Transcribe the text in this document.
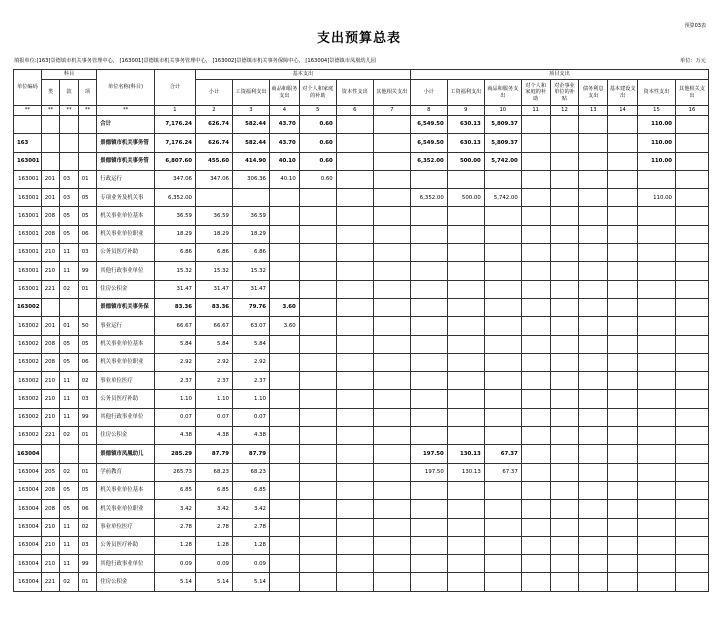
预算03表
支出预算总表
填报单位:[163]景德镇市机关事务管理中心， [163001]景德镇市机关事务管理中心， [163002]景德镇市机关事务保障中心， [163004]景德镇市凤凰幼儿园	单位：万元
单位编码	科目			单位名称(科目)	合计	基本支出						项目支出								
	类	款	项			小计	工资福利支出	商品和服务支出	对个人和家庭的补助	资本性支出	其他相关支出	小计	工资福利支出	商品和服务支出	对个人和家庭的补助	对企事业单位的补贴	债务利息支出	基本建设支出	资本性支出	其他相关支出
**	**	**	**	**	1	2	3	4	5	6	7	8	9	10	11	12	13	14	15	16
				合计	7,176.24	626.74	582.44	43.70	0.60			6,549.50	630.13	5,809.37					110.00	
163				景德镇市机关事务管	7,176.24	626.74	582.44	43.70	0.60			6,549.50	630.13	5,809.37					110.00	
163001				景德镇市机关事务管	6,807.60	455.60	414.90	40.10	0.60			6,352.00	500.00	5,742.00					110.00	
163001	201	03	01	行政运行	347.06	347.06	306.36	40.10	0.60											
163001	201	03	05	专项业务及机关事	6,352.00							6,352.00	500.00	5,742.00					110.00	
163001	208	05	05	机关事业单位基本	36.59	36.59	36.59													
163001	208	05	06	机关事业单位职业	18.29	18.29	18.29													
163001	210	11	03	公务员医疗补助	6.86	6.86	6.86													
163001	210	11	99	其他行政事业单位	15.32	15.32	15.32													
163001	221	02	01	住房公积金	31.47	31.47	31.47													
163002				景德镇市机关事务保	83.36	83.36	79.76	3.60												
163002	201	01	50	事业运行	66.67	66.67	63.07	3.60												
163002	208	05	05	机关事业单位基本	5.84	5.84	5.84													
163002	208	05	06	机关事业单位职业	2.92	2.92	2.92													
163002	210	11	02	事业单位医疗	2.37	2.37	2.37													
163002	210	11	03	公务员医疗补助	1.10	1.10	1.10													
163002	210	11	99	其他行政事业单位	0.07	0.07	0.07													
163002	221	02	01	住房公积金	4.38	4.38	4.38													
163004				景德镇市凤凰幼儿	285.29	87.79	87.79					197.50	130.13	67.37						
163004	205	02	01	学前教育	265.73	68.23	68.23					197.50	130.13	67.37						
163004	208	05	05	机关事业单位基本	6.85	6.85	6.85													
163004	208	05	06	机关事业单位职业	3.42	3.42	3.42													
163004	210	11	02	事业单位医疗	2.78	2.78	2.78													
163004	210	11	03	公务员医疗补助	1.28	1.28	1.28													
163004	210	11	99	其他行政事业单位	0.09	0.09	0.09													
163004	221	02	01	住房公积金	5.14	5.14	5.14													
